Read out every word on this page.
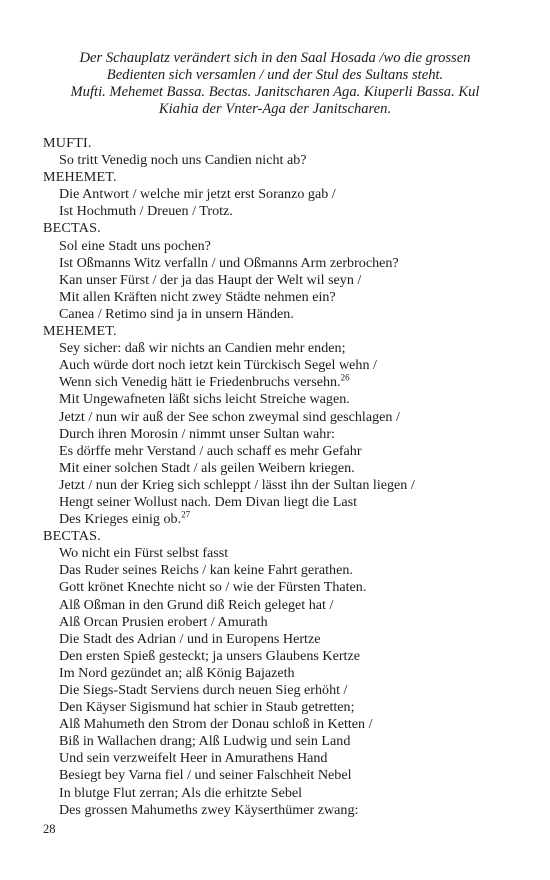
Der Schauplatz verändert sich in den Saal Hosada /wo die grossen
Bedienten sich versamlen / und der Stul des Sultans steht.
Mufti. Mehemet Bassa. Bectas. Janitscharen Aga. Kiuperli Bassa. Kul
Kiahia der Vnter-Aga der Janitscharen.
MUFTI.
So tritt Venedig noch uns Candien nicht ab?
MEHEMET.
Die Antwort / welche mir jetzt erst Soranzo gab /
Ist Hochmuth / Dreuen / Trotz.
BECTAS.
Sol eine Stadt uns pochen?
Ist Oßmanns Witz verfalln / und Oßmanns Arm zerbrochen?
Kan unser Fürst / der ja das Haupt der Welt wil seyn /
Mit allen Kräften nicht zwey Städte nehmen ein?
Canea / Retimo sind ja in unsern Händen.
MEHEMET.
Sey sicher: daß wir nichts an Candien mehr enden;
Auch würde dort noch ietzt kein Türckisch Segel wehn /
Wenn sich Venedig hätt ie Friedenbruchs versehn.$^{26}$
Mit Ungewafneten läßt sichs leicht Streiche wagen.
Jetzt / nun wir auß der See schon zweymal sind geschlagen /
Durch ihren Morosin / nimmt unser Sultan wahr:
Es dörffe mehr Verstand / auch schaff es mehr Gefahr
Mit einer solchen Stadt / als geilen Weibern kriegen.
Jetzt / nun der Krieg sich schleppt / lässt ihn der Sultan liegen /
Hengt seiner Wollust nach. Dem Divan liegt die Last
Des Krieges einig ob.$^{27}$
BECTAS.
Wo nicht ein Fürst selbst fasst
Das Ruder seines Reichs / kan keine Fahrt gerathen.
Gott krönet Knechte nicht so / wie der Fürsten Thaten.
Alß Oßman in den Grund diß Reich geleget hat /
Alß Orcan Prusien erobert / Amurath
Die Stadt des Adrian / und in Europens Hertze
Den ersten Spieß gesteckt; ja unsers Glaubens Kertze
Im Nord gezündet an; alß König Bajazeth
Die Siegs-Stadt Serviens durch neuen Sieg erhöht /
Den Käyser Sigismund hat schier in Staub getretten;
Alß Mahumeth den Strom der Donau schloß in Ketten /
Biß in Wallachen drang; Alß Ludwig und sein Land
Und sein verzweifelt Heer in Amurathens Hand
Besiegt bey Varna fiel / und seiner Falschheit Nebel
In blutge Flut zerran; Als die erhitzte Sebel
Des grossen Mahumeths zwey Käyserthümer zwang:
28
